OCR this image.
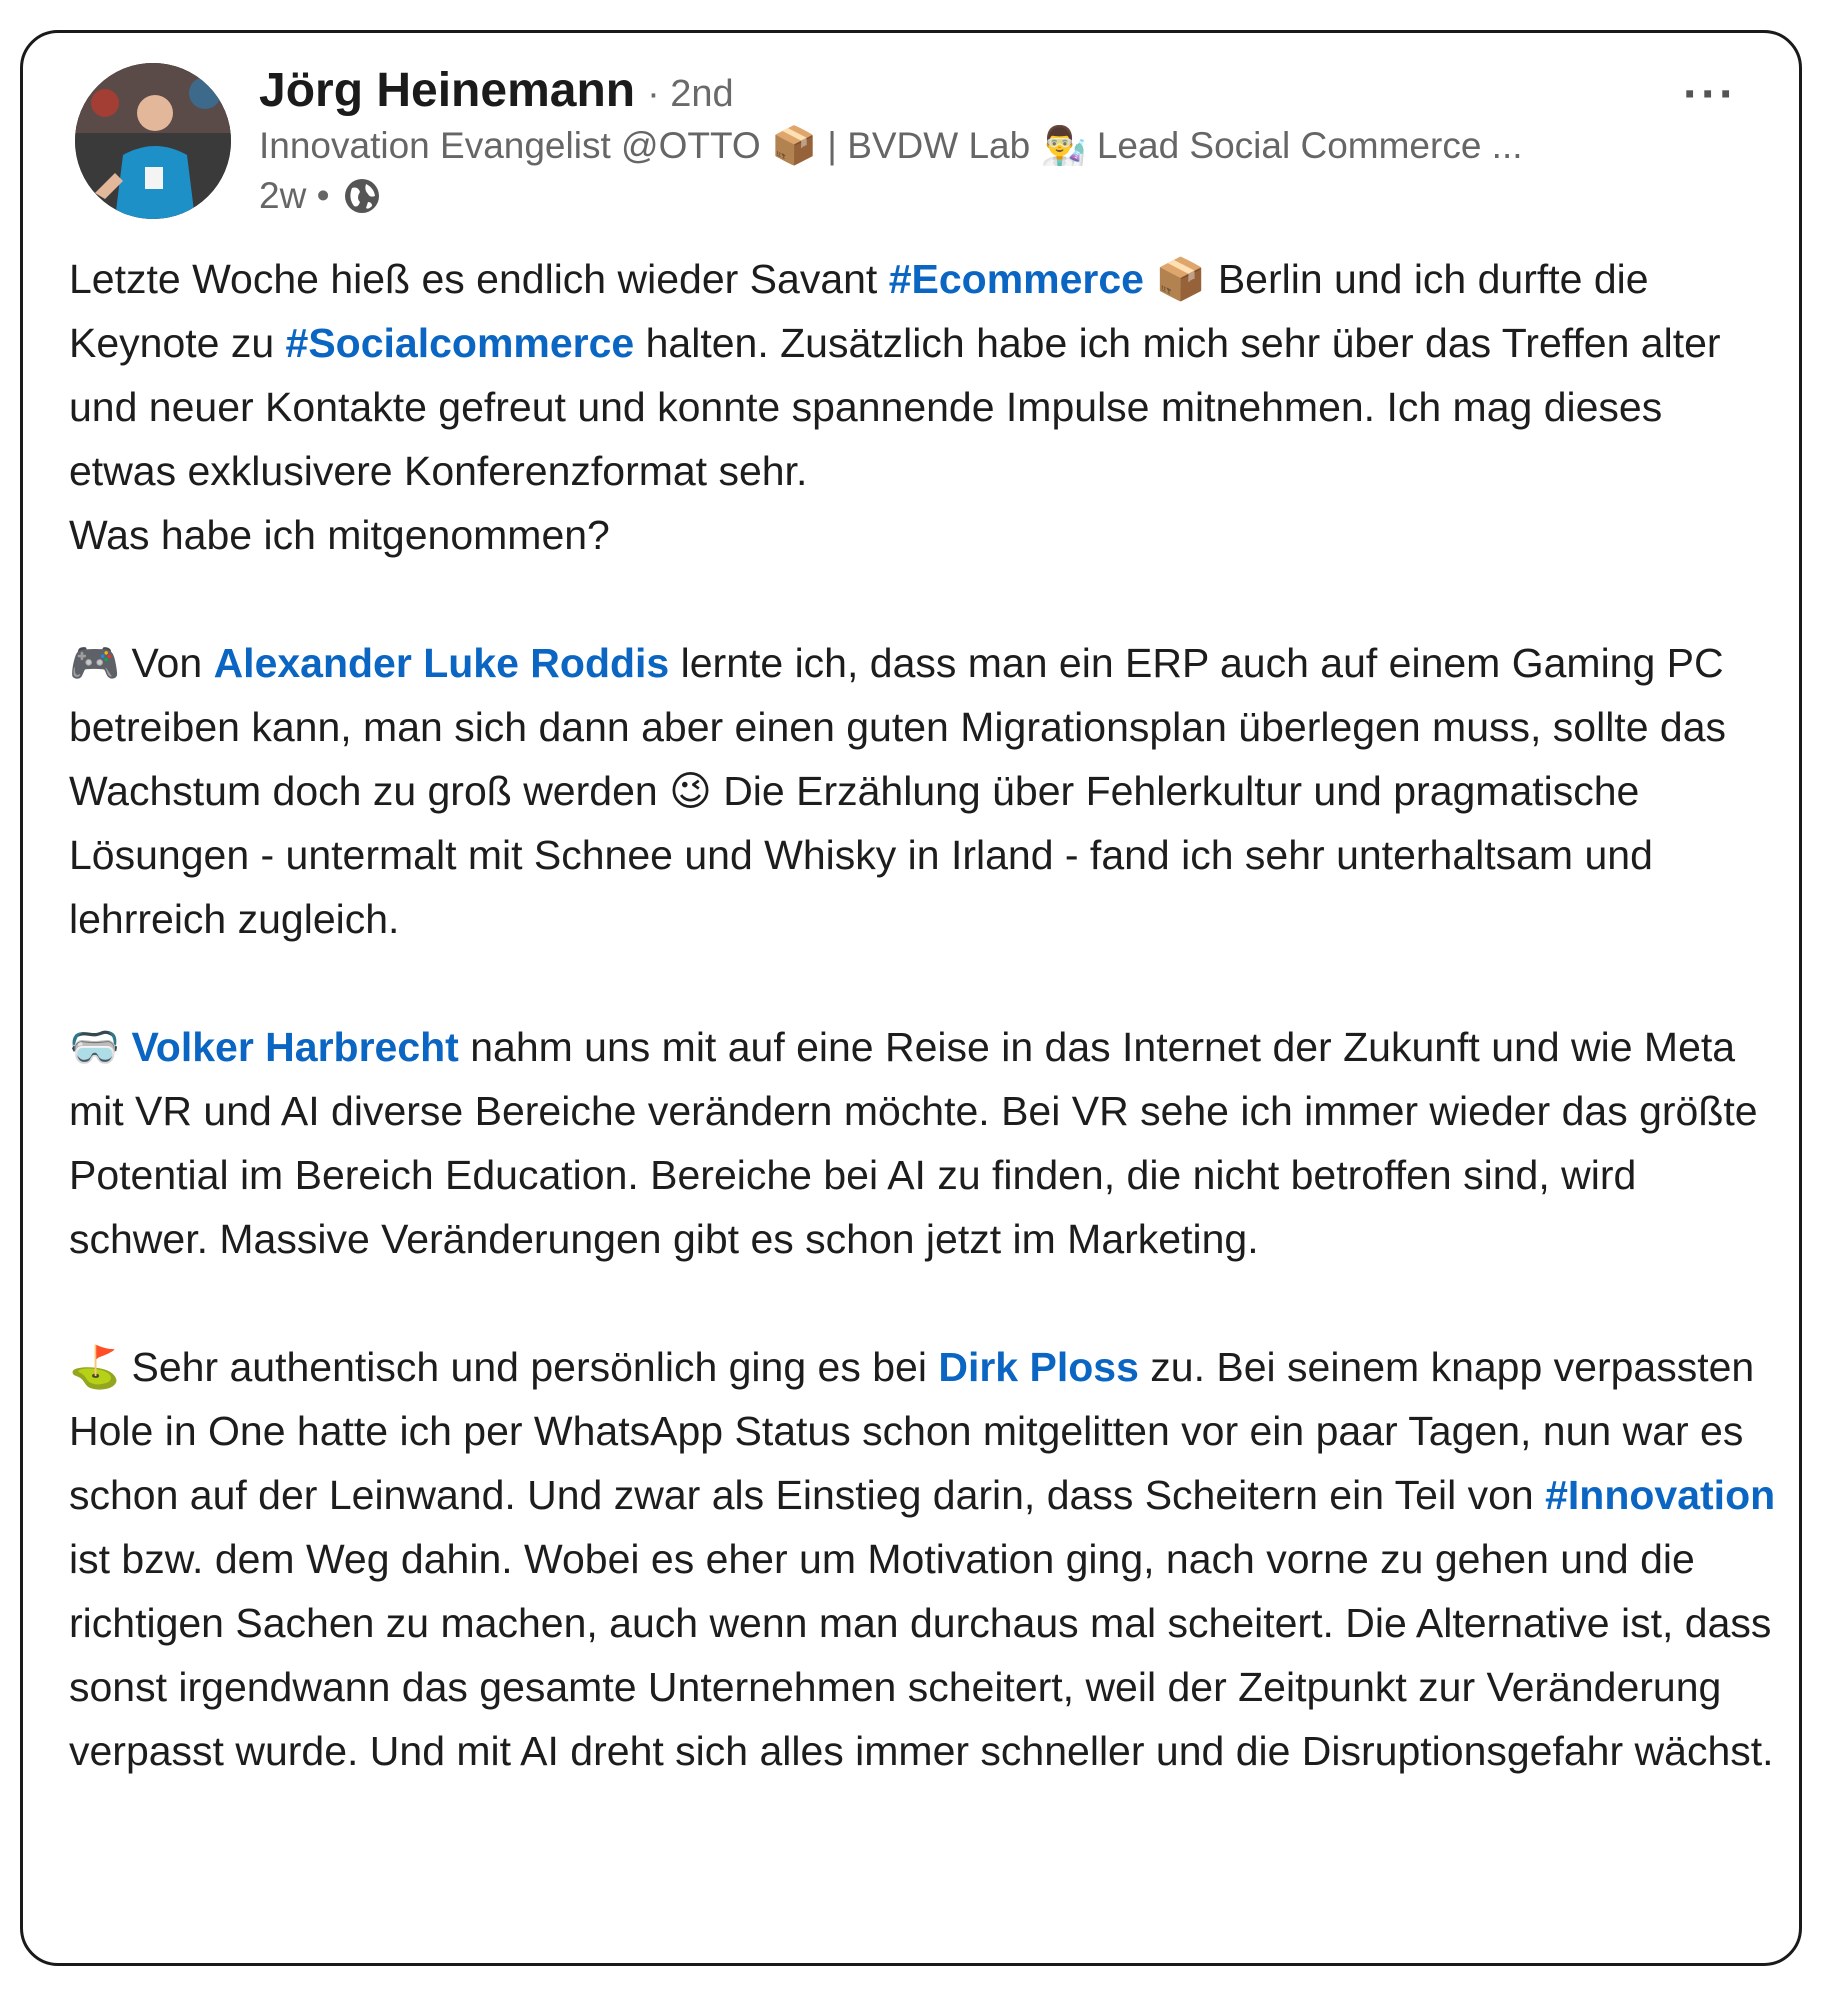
Jörg Heinemann · 2nd
Innovation Evangelist @OTTO 📦 | BVDW Lab 👨‍🔬 Lead Social Commerce ...
2w •
···
Letzte Woche hieß es endlich wieder Savant #Ecommerce 📦 Berlin und ich durfte die Keynote zu #Socialcommerce halten. Zusätzlich habe ich mich sehr über das Treffen alter und neuer Kontakte gefreut und konnte spannende Impulse mitnehmen. Ich mag dieses etwas exklusivere Konferenzformat sehr.
Was habe ich mitgenommen?
🎮 Von Alexander Luke Roddis lernte ich, dass man ein ERP auch auf einem Gaming PC betreiben kann, man sich dann aber einen guten Migrationsplan überlegen muss, sollte das Wachstum doch zu groß werden 😉 Die Erzählung über Fehlerkultur und pragmatische Lösungen - untermalt mit Schnee und Whisky in Irland - fand ich sehr unterhaltsam und lehrreich zugleich.
🥽 Volker Harbrecht nahm uns mit auf eine Reise in das Internet der Zukunft und wie Meta mit VR und AI diverse Bereiche verändern möchte. Bei VR sehe ich immer wieder das größte Potential im Bereich Education. Bereiche bei AI zu finden, die nicht betroffen sind, wird schwer. Massive Veränderungen gibt es schon jetzt im Marketing.
⛳ Sehr authentisch und persönlich ging es bei Dirk Ploss zu. Bei seinem knapp verpassten Hole in One hatte ich per WhatsApp Status schon mitgelitten vor ein paar Tagen, nun war es schon auf der Leinwand. Und zwar als Einstieg darin, dass Scheitern ein Teil von #Innovation ist bzw. dem Weg dahin. Wobei es eher um Motivation ging, nach vorne zu gehen und die richtigen Sachen zu machen, auch wenn man durchaus mal scheitert. Die Alternative ist, dass sonst irgendwann das gesamte Unternehmen scheitert, weil der Zeitpunkt zur Veränderung verpasst wurde. Und mit AI dreht sich alles immer schneller und die Disruptionsgefahr wächst.
